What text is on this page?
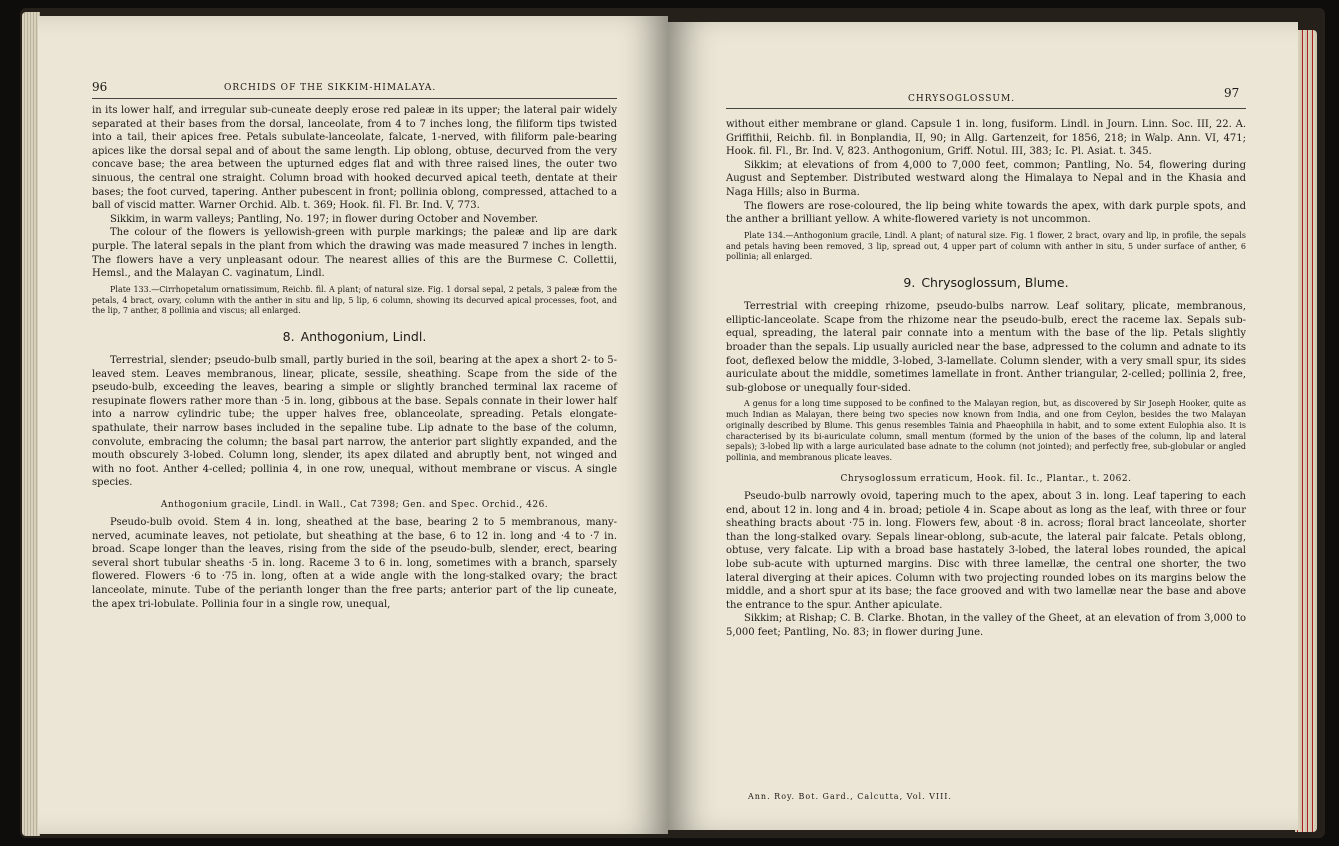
96	ORCHIDS OF THE SIKKIM-HIMALAYA.

in its lower half, and irregular sub-cuneate deeply erose red paleæ in its upper; the lateral pair widely separated at their bases from the dorsal, lanceolate, from 4 to 7 inches long, the filiform tips twisted into a tail, their apices free. Petals subulate-lanceolate, falcate, 1-nerved, with filiform pale-bearing apices like the dorsal sepal and of about the same length. Lip oblong, obtuse, decurved from the very concave base; the area between the upturned edges flat and with three raised lines, the outer two sinuous, the central one straight. Column broad with hooked decurved apical teeth, dentate at their bases; the foot curved, tapering. Anther pubescent in front; pollinia oblong, compressed, attached to a ball of viscid matter. Warner Orchid. Alb. t. 369; Hook. fil. Fl. Br. Ind. V, 773.

Sikkim, in warm valleys; Pantling, No. 197; in flower during October and November.

The colour of the flowers is yellowish-green with purple markings; the paleæ and lip are dark purple. The lateral sepals in the plant from which the drawing was made measured 7 inches in length. The flowers have a very unpleasant odour. The nearest allies of this are the Burmese C. Collettii, Hemsl., and the Malayan C. vaginatum, Lindl.

Plate 133.—Cirrhopetalum ornatissimum, Reichb. fil. A plant; of natural size. Fig. 1 dorsal sepal, 2 petals, 3 paleæ from the petals, 4 bract, ovary, column with the anther in situ and lip, 5 lip, 6 column, showing its decurved apical processes, foot, and the lip, 7 anther, 8 pollinia and viscus; all enlarged.

8. Anthogonium, Lindl.

Terrestrial, slender; pseudo-bulb small, partly buried in the soil, bearing at the apex a short 2- to 5-leaved stem. Leaves membranous, linear, plicate, sessile, sheathing. Scape from the side of the pseudo-bulb, exceeding the leaves, bearing a simple or slightly branched terminal lax raceme of resupinate flowers rather more than ·5 in. long, gibbous at the base. Sepals connate in their lower half into a narrow cylindric tube; the upper halves free, oblanceolate, spreading. Petals elongate-spathulate, their narrow bases included in the sepaline tube. Lip adnate to the base of the column, convolute, embracing the column; the basal part narrow, the anterior part slightly expanded, and the mouth obscurely 3-lobed. Column long, slender, its apex dilated and abruptly bent, not winged and with no foot. Anther 4-celled; pollinia 4, in one row, unequal, without membrane or viscus. A single species.

Anthogonium gracile, Lindl. in Wall., Cat 7398; Gen. and Spec. Orchid., 426.

Pseudo-bulb ovoid. Stem 4 in. long, sheathed at the base, bearing 2 to 5 membranous, many-nerved, acuminate leaves, not petiolate, but sheathing at the base, 6 to 12 in. long and ·4 to ·7 in. broad. Scape longer than the leaves, rising from the side of the pseudo-bulb, slender, erect, bearing several short tubular sheaths ·5 in. long. Raceme 3 to 6 in. long, sometimes with a branch, sparsely flowered. Flowers ·6 to ·75 in. long, often at a wide angle with the long-stalked ovary; the bract lanceolate, minute. Tube of the perianth longer than the free parts; anterior part of the lip cuneate, the apex tri-lobulate. Pollinia four in a single row, unequal,

CHRYSOGLOSSUM.	97

without either membrane or gland. Capsule 1 in. long, fusiform. Lindl. in Journ. Linn. Soc. III, 22. A. Griffithii, Reichb. fil. in Bonplandia, II, 90; in Allg. Gartenzeit, for 1856, 218; in Walp. Ann. VI, 471; Hook. fil. Fl., Br. Ind. V, 823. Anthogonium, Griff. Notul. III, 383; Ic. Pl. Asiat. t. 345.

Sikkim; at elevations of from 4,000 to 7,000 feet, common; Pantling, No. 54, flowering during August and September. Distributed westward along the Himalaya to Nepal and in the Khasia and Naga Hills; also in Burma.

The flowers are rose-coloured, the lip being white towards the apex, with dark purple spots, and the anther a brilliant yellow. A white-flowered variety is not uncommon.

Plate 134.—Anthogonium gracile, Lindl. A plant; of natural size. Fig. 1 flower, 2 bract, ovary and lip, in profile, the sepals and petals having been removed, 3 lip, spread out, 4 upper part of column with anther in situ, 5 under surface of anther, 6 pollinia; all enlarged.

9. Chrysoglossum, Blume.

Terrestrial with creeping rhizome, pseudo-bulbs narrow. Leaf solitary, plicate, membranous, elliptic-lanceolate. Scape from the rhizome near the pseudo-bulb, erect the raceme lax. Sepals sub-equal, spreading, the lateral pair connate into a mentum with the base of the lip. Petals slightly broader than the sepals. Lip usually auricled near the base, adpressed to the column and adnate to its foot, deflexed below the middle, 3-lobed, 3-lamellate. Column slender, with a very small spur, its sides auriculate about the middle, sometimes lamellate in front. Anther triangular, 2-celled; pollinia 2, free, sub-globose or unequally four-sided.

A genus for a long time supposed to be confined to the Malayan region, but, as discovered by Sir Joseph Hooker, quite as much Indian as Malayan, there being two species now known from India, and one from Ceylon, besides the two Malayan originally described by Blume. This genus resembles Tainia and Phaeophiila in habit, and to some extent Eulophia also. It is characterised by its bi-auriculate column, small mentum (formed by the union of the bases of the column, lip and lateral sepals); 3-lobed lip with a large auriculated base adnate to the column (not jointed); and perfectly free, sub-globular or angled pollinia, and membranous plicate leaves.

Chrysoglossum erraticum, Hook. fil. Ic., Plantar., t. 2062.

Pseudo-bulb narrowly ovoid, tapering much to the apex, about 3 in. long. Leaf tapering to each end, about 12 in. long and 4 in. broad; petiole 4 in. Scape about as long as the leaf, with three or four sheathing bracts about ·75 in. long. Flowers few, about ·8 in. across; floral bract lanceolate, shorter than the long-stalked ovary. Sepals linear-oblong, sub-acute, the lateral pair falcate. Petals oblong, obtuse, very falcate. Lip with a broad base hastately 3-lobed, the lateral lobes rounded, the apical lobe sub-acute with upturned margins. Disc with three lamellæ, the central one shorter, the two lateral diverging at their apices. Column with two projecting rounded lobes on its margins below the middle, and a short spur at its base; the face grooved and with two lamellæ near the base and above the entrance to the spur. Anther apiculate.

Sikkim; at Rishap; C. B. Clarke. Bhotan, in the valley of the Gheet, at an elevation of from 3,000 to 5,000 feet; Pantling, No. 83; in flower during June.

Ann. Roy. Bot. Gard., Calcutta, Vol. VIII.
